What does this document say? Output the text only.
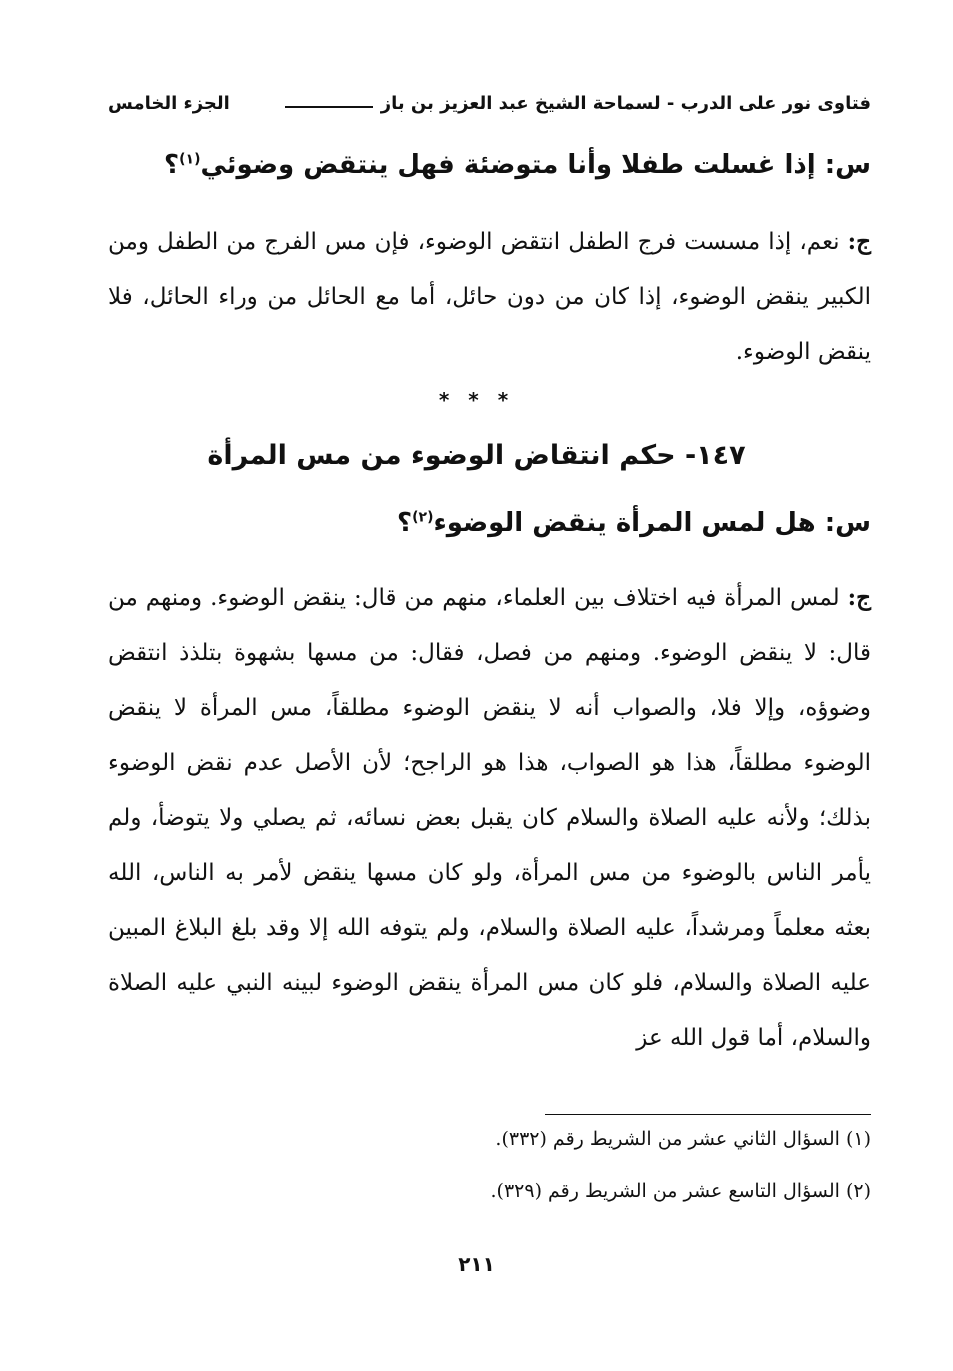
فتاوى نور على الدرب - لسماحة الشيخ عبد العزيز بن باز
الجزء الخامس
س: إذا غسلت طفلا وأنا متوضئة فهل ينتقض وضوئي$^{(١)}$؟
ج: نعم، إذا مسست فرج الطفل انتقض الوضوء، فإن مس الفرج من الطفل ومن الكبير ينقض الوضوء، إذا كان من دون حائل، أما مع الحائل من وراء الحائل، فلا ينقض الوضوء.
* * *
١٤٧- حكم انتقاض الوضوء من مس المرأة
س: هل لمس المرأة ينقض الوضوء$^{(٢)}$؟
ج: لمس المرأة فيه اختلاف بين العلماء، منهم من قال: ينقض الوضوء. ومنهم من قال: لا ينقض الوضوء. ومنهم من فصل، فقال: من مسها بشهوة بتلذذ انتقض وضوؤه، وإلا فلا، والصواب أنه لا ينقض الوضوء مطلقاً، مس المرأة لا ينقض الوضوء مطلقاً، هذا هو الصواب، هذا هو الراجح؛ لأن الأصل عدم نقض الوضوء بذلك؛ ولأنه عليه الصلاة والسلام كان يقبل بعض نسائه، ثم يصلي ولا يتوضأ، ولم يأمر الناس بالوضوء من مس المرأة، ولو كان مسها ينقض لأمر به الناس، الله بعثه معلماً ومرشداً، عليه الصلاة والسلام، ولم يتوفه الله إلا وقد بلغ البلاغ المبين عليه الصلاة والسلام، فلو كان مس المرأة ينقض الوضوء لبينه النبي عليه الصلاة والسلام، أما قول الله عز
(١) السؤال الثاني عشر من الشريط رقم (٣٣٢).
(٢) السؤال التاسع عشر من الشريط رقم (٣٢٩).
٢١١
